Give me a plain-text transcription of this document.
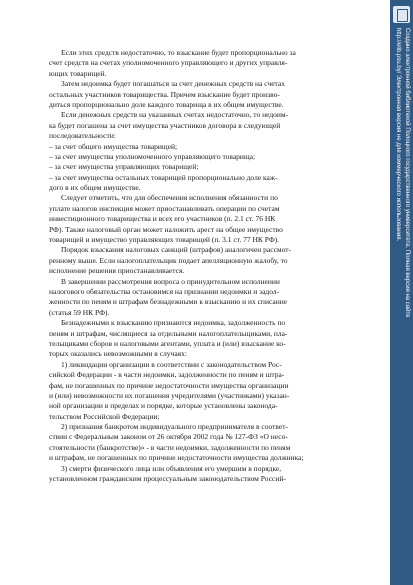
Если этих средств недостаточно, то взыскание будет пропорционально за
счет средств на счетах уполномоченного управляющего и других управля-
ющих товарищей.
Затем недоимка будет погашаться за счет денежных средств на счетах
остальных участников товарищества. Причем взыскание будет произво-
диться пропорционально доле каждого товарища в их общем имуществе.
Если денежных средств на указанных счетах недостаточно, то недоим-
ка будет погашена за счет имущества участников договора в следующей
последовательности:
– за счет общего имущества товарищей;
– за счет имущества уполномоченного управляющего товарища;
– за счет имущества управляющих товарищей;
– за счет имущества остальных товарищей пропорционально доле каж-
дого в их общем имуществе.
Следует отметить, что для обеспечения исполнения обязанности по
уплате налогов инспекция может приостанавливать операции по счетам
инвестиционного товарищества и всех его участников (п. 2.1 ст. 76 НК
РФ). Также налоговый орган может наложить арест на общее имущество
товарищей и имущество управляющих товарищей (п. 3.1 ст. 77 НК РФ).
Порядок взыскания налоговых санкций (штрафов) аналогичен рассмот-
ренному выше. Если налогоплательщик подает апелляционную жалобу, то
исполнение решения приостанавливается.
В завершении рассмотрения вопроса о принудительном исполнении
налогового обязательства остановимся на признании недоимки и задол-
женности по пеням и штрафам безнадежными к взысканию и их списание
(статья 59 НК РФ).
Безнадежными к взысканию признаются недоимка, задолженность по
пеням и штрафам, числящиеся за отдельными налогоплательщиками, пла-
тельщиками сборов и налоговыми агентами, уплата и (или) взыскание ко-
торых оказались невозможными в случаях:
1) ликвидации организации в соответствии с законодательством Рос-
сийской Федерации - в части недоимки, задолженности по пеням и штра-
фам, не погашенных по причине недостаточности имущества организации
и (или) невозможности их погашения учредителями (участниками) указан-
ной организации в пределах и порядке, которые установлены законода-
тельством Российской Федерации;
2) признания банкротом индивидуального предпринимателя в соответ-
ствии с Федеральным законом от 26 октября 2002 года № 127-ФЗ «О несо-
стоятельности (банкротстве)» - в части недоимки, задолженности по пеням
и штрафам, не погашенных по причине недостаточности имущества должника;
3) смерти физического лица или объявления его умершим в порядке,
установленном гражданским процессуальным законодательством Россий-
Создано электронной библиотекой Полоцкого государственного университета. Полная версия на сайте
http://elib.psu.by/ Электронная версия не для коммерческого использования.
